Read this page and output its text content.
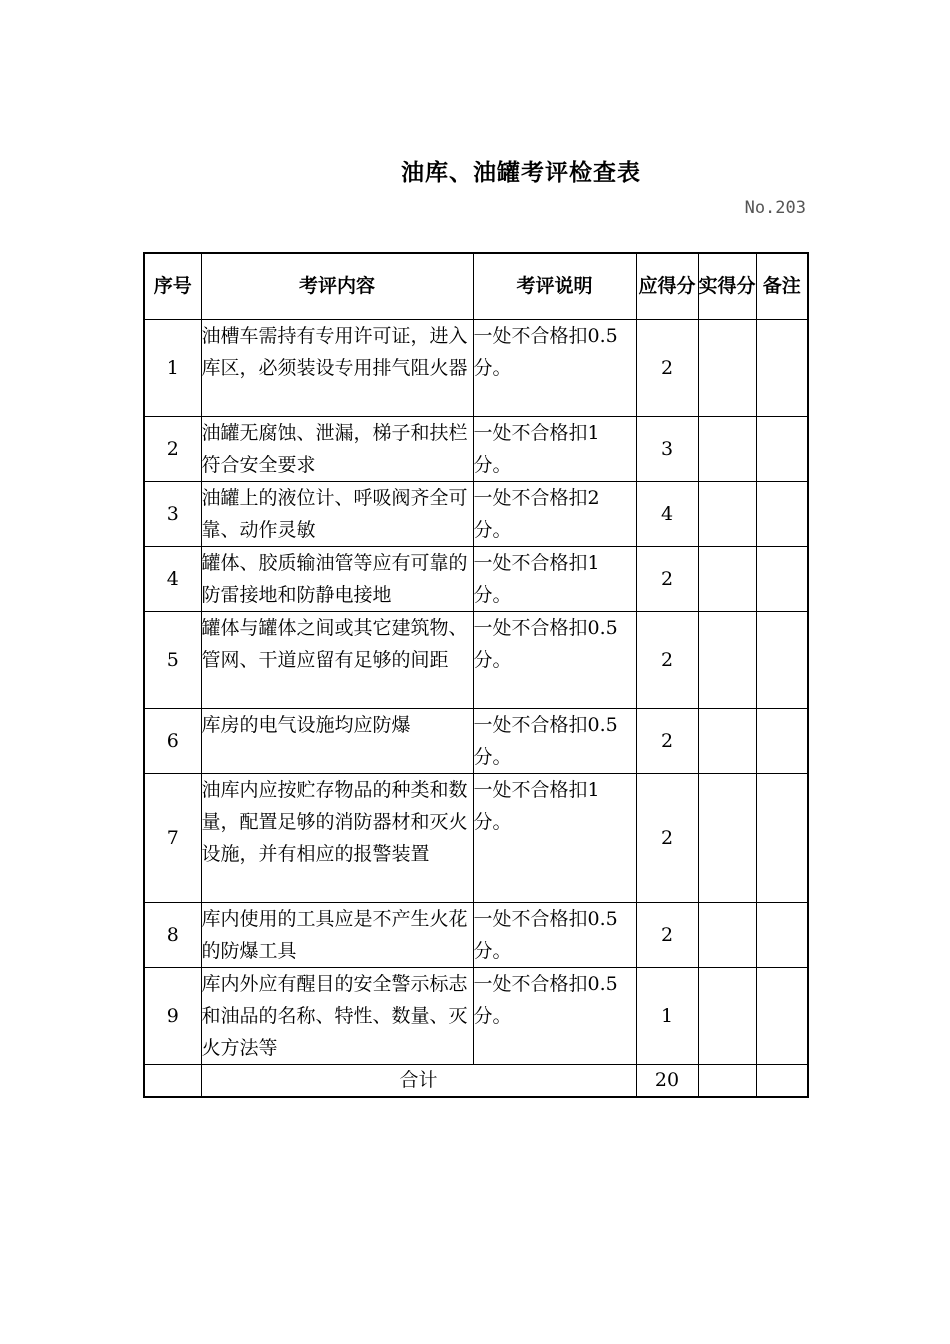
油库、油罐考评检查表
No.203
序号	考评内容	考评说明	应得分	实得分	备注
1	油槽车需持有专用许可证，进入库区，必须装设专用排气阻火器	一处不合格扣0.5分。	2		
2	油罐无腐蚀、泄漏，梯子和扶栏符合安全要求	一处不合格扣1分。	3		
3	油罐上的液位计、呼吸阀齐全可靠、动作灵敏	一处不合格扣2分。	4		
4	罐体、胶质输油管等应有可靠的防雷接地和防静电接地	一处不合格扣1分。	2		
5	罐体与罐体之间或其它建筑物、管网、干道应留有足够的间距	一处不合格扣0.5分。	2		
6	库房的电气设施均应防爆	一处不合格扣0.5分。	2		
7	油库内应按贮存物品的种类和数量，配置足够的消防器材和灭火设施，并有相应的报警装置	一处不合格扣1分。	2		
8	库内使用的工具应是不产生火花的防爆工具	一处不合格扣0.5分。	2		
9	库内外应有醒目的安全警示标志和油品的名称、特性、数量、灭火方法等	一处不合格扣0.5分。	1		
	合计		20		
